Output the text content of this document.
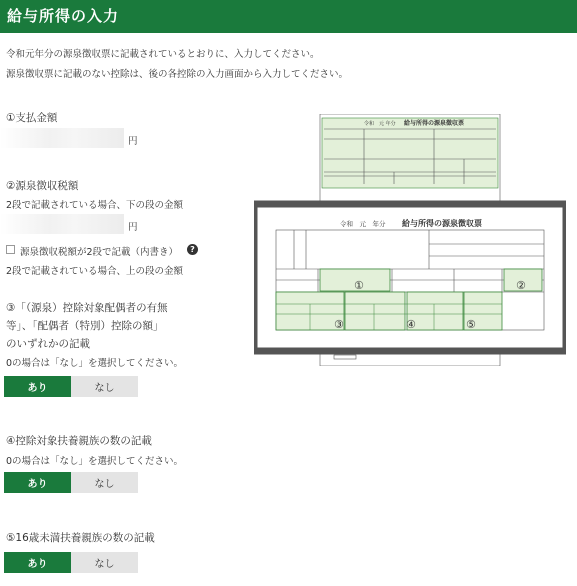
給与所得の入力
令和元年分の源泉徴収票に記載されているとおりに、入力してください。
源泉徴収票に記載のない控除は、後の各控除の入力画面から入力してください。
①支払金額
円
②源泉徴収税額
2段で記載されている場合、下の段の金額
円
源泉徴収税額が2段で記載（内書き）	?
2段で記載されている場合、上の段の金額
③「（源泉）控除対象配偶者の有無
等」、「配偶者（特別）控除の額」
のいずれかの記載
0の場合は「なし」を選択してください。
あり	なし
④控除対象扶養親族の数の記載
0の場合は「なし」を選択してください。
あり	なし
⑤16歳未満扶養親族の数の記載
あり	なし
令和　元 年分 給与所得の源泉徴収票
令和　元　年分 給与所得の源泉徴収票
①	②
③	④	⑤
